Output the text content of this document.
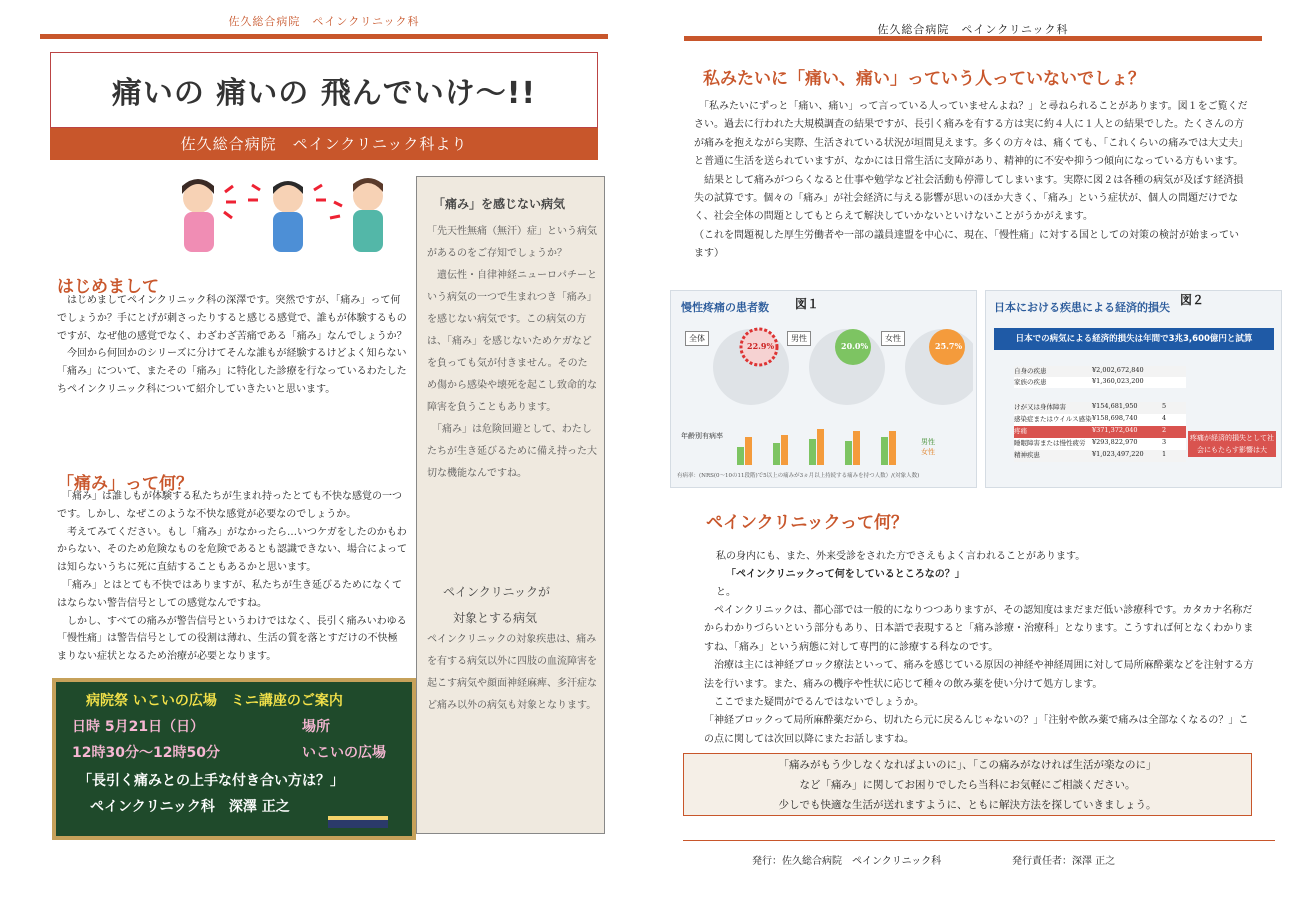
佐久総合病院　ペインクリニック科
痛いの 痛いの 飛んでいけ～!!
佐久総合病院　ペインクリニック科より
はじめまして

　はじめましてペインクリニック科の深澤です。突然ですが、「痛み」って何でしょうか？手にとげが刺さったりすると感じる感覚で、誰もが体験するものですが、なぜ他の感覚でなく、わざわざ苦痛である「痛み」なんでしょうか？
　今回から何回かのシリーズに分けてそんな誰もが経験するけどよく知らない「痛み」について、またその「痛み」に特化した診療を行なっているわたしたちペインクリニック科について紹介していきたいと思います。

「痛み」って何？

　「痛み」は誰しもが体験する私たちが生まれ持ったとても不快な感覚の一つです。しかし、なぜこのような不快な感覚が必要なのでしょうか。
　考えてみてください。もし「痛み」がなかったら…いつケガをしたのかもわからない、そのため危険なものを危険であるとも認識できない、場合によっては知らないうちに死に直結することもあるかと思います。
　「痛み」とはとても不快ではありますが、私たちが生き延びるためになくてはならない警告信号としての感覚なんですね。
　しかし、すべての痛みが警告信号というわけではなく、長引く痛みいわゆる「慢性痛」は警告信号としての役割は薄れ、生活の質を落とすだけの不快極まりない症状となるため治療が必要となります。

病院祭 いこいの広場　ミニ講座のご案内
日時 5月21日（日）	場所
12時30分～12時50分	いこいの広場
「長引く痛みとの上手な付き合い方は？」
ペインクリニック科　深澤 正之
「痛み」を感じない病気

「先天性無痛（無汗）症」という病気があるのをご存知でしょうか？
　遺伝性・自律神経ニューロパチーという病気の一つで生まれつき「痛み」を感じない病気です。この病気の方は、「痛み」を感じないためケガなどを負っても気が付きません。そのため傷から感染や壊死を起こし致命的な障害を負うこともあります。
　「痛み」は危険回避として、わたしたちが生き延びるために備え持った大切な機能なんですね。

ペインクリニックが
対象とする病気

ペインクリニックの対象疾患は、痛みを有する病気以外に四肢の血流障害を起こす病気や顔面神経麻痺、多汗症など痛み以外の病気も対象となります。

佐久総合病院　ペインクリニック科
私みたいに「痛い、痛い」っていう人っていないでしょ？

　「私みたいにずっと「痛い、痛い」って言っている人っていませんよね？」と尋ねられることがあります。図１をご覧ください。過去に行われた大規模調査の結果ですが、長引く痛みを有する方は実に約４人に１人との結果でした。たくさんの方が痛みを抱えながら実際、生活されている状況が垣間見えます。多くの方々は、痛くても、「これくらいの痛みでは大丈夫」と普通に生活を送られていますが、なかには日常生活に支障があり、精神的に不安や抑うつ傾向になっている方もいます。
　結果として痛みがつらくなると仕事や勉学など社会活動も停滞してしまいます。実際に図２は各種の病気が及ぼす経済損失の試算です。個々の「痛み」が社会経済に与える影響が思いのほか大きく、「痛み」という症状が、個人の問題だけでなく、社会全体の問題としてもとらえて解決していかないといけないことがうかがえます。
（これを問題視した厚生労働者や一部の議員達盟を中心に、現在、「慢性痛」に対する国としての対策の検討が始まっています）

慢性疼痛の患者数 図１
全体	男性	女性
22.9%	20.0%	25.7%
年齢別有病率
男性
女性
有病率：(NRS(0〜10の11段階)で5以上の痛みが3ヵ月以上持続する痛みを持つ人数）/(対象人数)
日本における疾患による経済的損失
図２
日本での病気による経済的損失は年間で3兆3,600億円と試算
自身の疾患	¥2,002,672,840
家族の疾患	¥1,360,023,200
けが又は身体障害	¥154,681,950	5
感染症またはウイルス感染 ¥158,698,740	4
疼痛	¥371,372,040	2
睡眠障害または慢性疲労	¥293,822,970	3
精神疾患	¥1,023,497,220	1
疼痛が経済的損失として社会にもたらす影響は大
ペインクリニックって何？

　私の身内にも、また、外来受診をされた方でさえもよく言われることがあります。

「ペインクリニックって何をしているところなの？」

と。

　ペインクリニックは、都心部では一般的になりつつありますが、その認知度はまだまだ低い診療科です。カタカナ名称だからわかりづらいという部分もあり、日本語で表現すると「痛み診療・治療科」となります。こうすれば何となくわかりますね、「痛み」という病態に対して専門的に診療する科なのです。
　治療は主には神経ブロック療法といって、痛みを感じている原因の神経や神経周囲に対して局所麻酔薬などを注射する方法を行います。また、痛みの機序や性状に応じて種々の飲み薬を使い分けて処方します。
　ここでまた疑問がでるんではないでしょうか。
「神経ブロックって局所麻酔薬だから、切れたら元に戻るんじゃないの？」「注射や飲み薬で痛みは全部なくなるの？」この点に関しては次回以降にまたお話しますね。

「痛みがもう少しなくなればよいのに」、「この痛みがなければ生活が楽なのに」

など「痛み」に関してお困りでしたら当科にお気軽にご相談ください。

少しでも快適な生活が送れますように、ともに解決方法を探していきましょう。

発行：佐久総合病院　ペインクリニック科	発行責任者：深澤 正之
